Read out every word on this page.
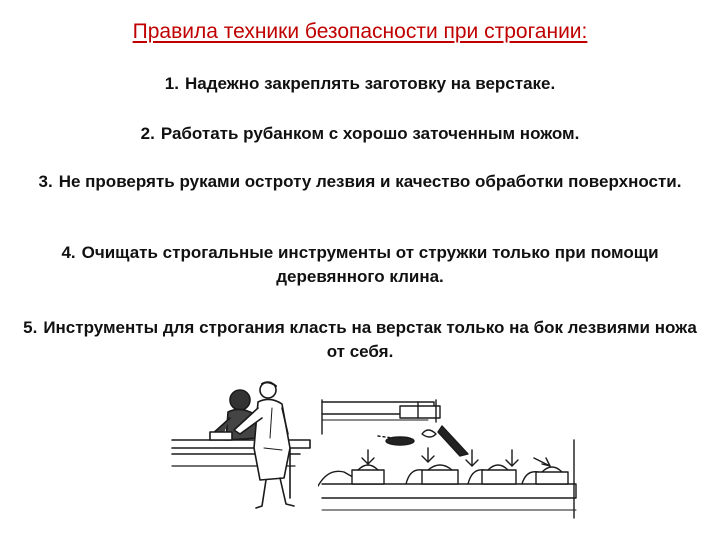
Правила техники безопасности при строгании:
1. Надежно закреплять заготовку на верстаке.
2. Работать рубанком с хорошо заточенным ножом.
3. Не проверять руками остроту лезвия и качество обработки поверхности.
4. Очищать строгальные инструменты от стружки только при помощи деревянного клина.
5. Инструменты для строгания класть на верстак только на бок лезвиями ножа от себя.
